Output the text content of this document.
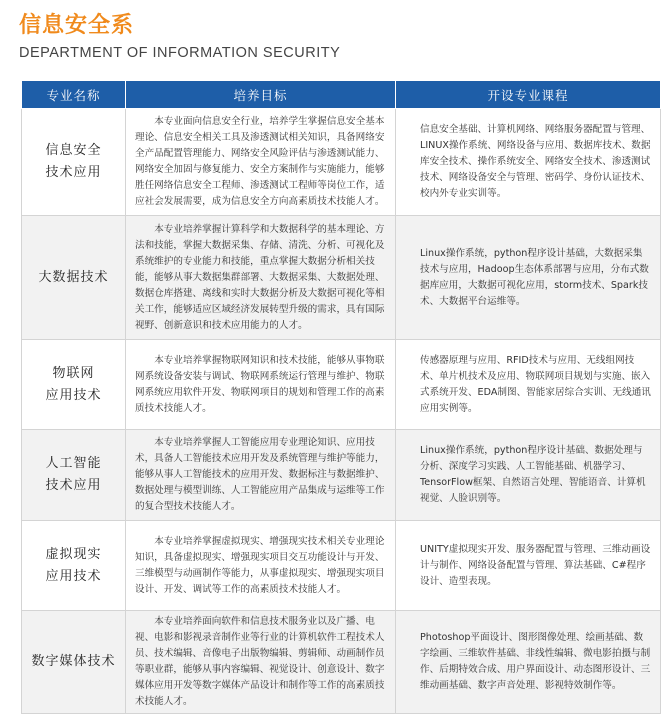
信息安全系
DEPARTMENT OF INFORMATION SECURITY
专业名称	培养目标	开设专业课程

信息安全
技术应用	本专业面向信息安全行业，培养学生掌握信息安全基本理论、信息安全相关工具及渗透测试相关知识，具备网络安全产品配置管理能力、网络安全风险评估与渗透测试能力、网络安全加固与修复能力、安全方案制作与实施能力，能够胜任网络信息安全工程师、渗透测试工程师等岗位工作，适应社会发展需要，成为信息安全方向高素质技术技能人才。	信息安全基础、计算机网络、网络服务器配置与管理、LINUX操作系统、网络设备与应用、数据库技术、数据库安全技术、操作系统安全、网络安全技术、渗透测试技术、网络设备安全与管理、密码学、身份认证技术、校内外专业实训等。

大数据技术	本专业培养掌握计算科学和大数据科学的基本理论、方法和技能，掌握大数据采集、存储、清洗、分析、可视化及系统维护的专业能力和技能，重点掌握大数据分析相关技能，能够从事大数据集群部署、大数据采集、大数据处理、数据仓库搭建、离线和实时大数据分析及大数据可视化等相关工作，能够适应区域经济发展转型升级的需求，具有国际视野、创新意识和技术应用能力的人才。	Linux操作系统，python程序设计基础，大数据采集技术与应用，Hadoop生态体系部署与应用，分布式数据库应用，大数据可视化应用，storm技术、Spark技术、大数据平台运维等。

物联网
应用技术	本专业培养掌握物联网知识和技术技能，能够从事物联网系统设备安装与调试、物联网系统运行管理与维护、物联网系统应用软件开发、物联网项目的规划和管理工作的高素质技术技能人才。	传感器原理与应用、RFID技术与应用、无线组网技术、单片机技术及应用、物联网项目规划与实施、嵌入式系统开发、EDA制图、智能家居综合实训、无线通讯应用实例等。

人工智能
技术应用	本专业培养掌握人工智能应用专业理论知识、应用技术，具备人工智能技术应用开发及系统管理与维护等能力，能够从事人工智能技术的应用开发、数据标注与数据维护、数据处理与模型训练、人工智能应用产品集成与运维等工作的复合型技术技能人才。	Linux操作系统，python程序设计基础、数据处理与分析、深度学习实践、人工智能基础、机器学习、TensorFlow框架、自然语言处理、智能语音、计算机视觉、人脸识别等。

虚拟现实
应用技术	本专业培养掌握虚拟现实、增强现实技术相关专业理论知识，具备虚拟现实、增强现实项目交互功能设计与开发、三维模型与动画制作等能力，从事虚拟现实、增强现实项目设计、开发、调试等工作的高素质技术技能人才。	UNITY虚拟现实开发、服务器配置与管理、三维动画设计与制作、网络设备配置与管理、算法基础、C#程序设计、造型表现。

数字媒体技术	本专业培养面向软件和信息技术服务业以及广播、电视、电影和影视录音制作业等行业的计算机软件工程技术人员、技术编辑、音像电子出版物编辑、剪辑师、动画制作员等职业群，能够从事内容编辑、视觉设计、创意设计、数字媒体应用开发等数字媒体产品设计和制作等工作的高素质技术技能人才。	Photoshop平面设计、图形图像处理、绘画基础、数字绘画、三维软件基础、非线性编辑、微电影拍摄与制作、后期特效合成、用户界面设计、动态图形设计、三维动画基础、数字声音处理、影视特效制作等。
